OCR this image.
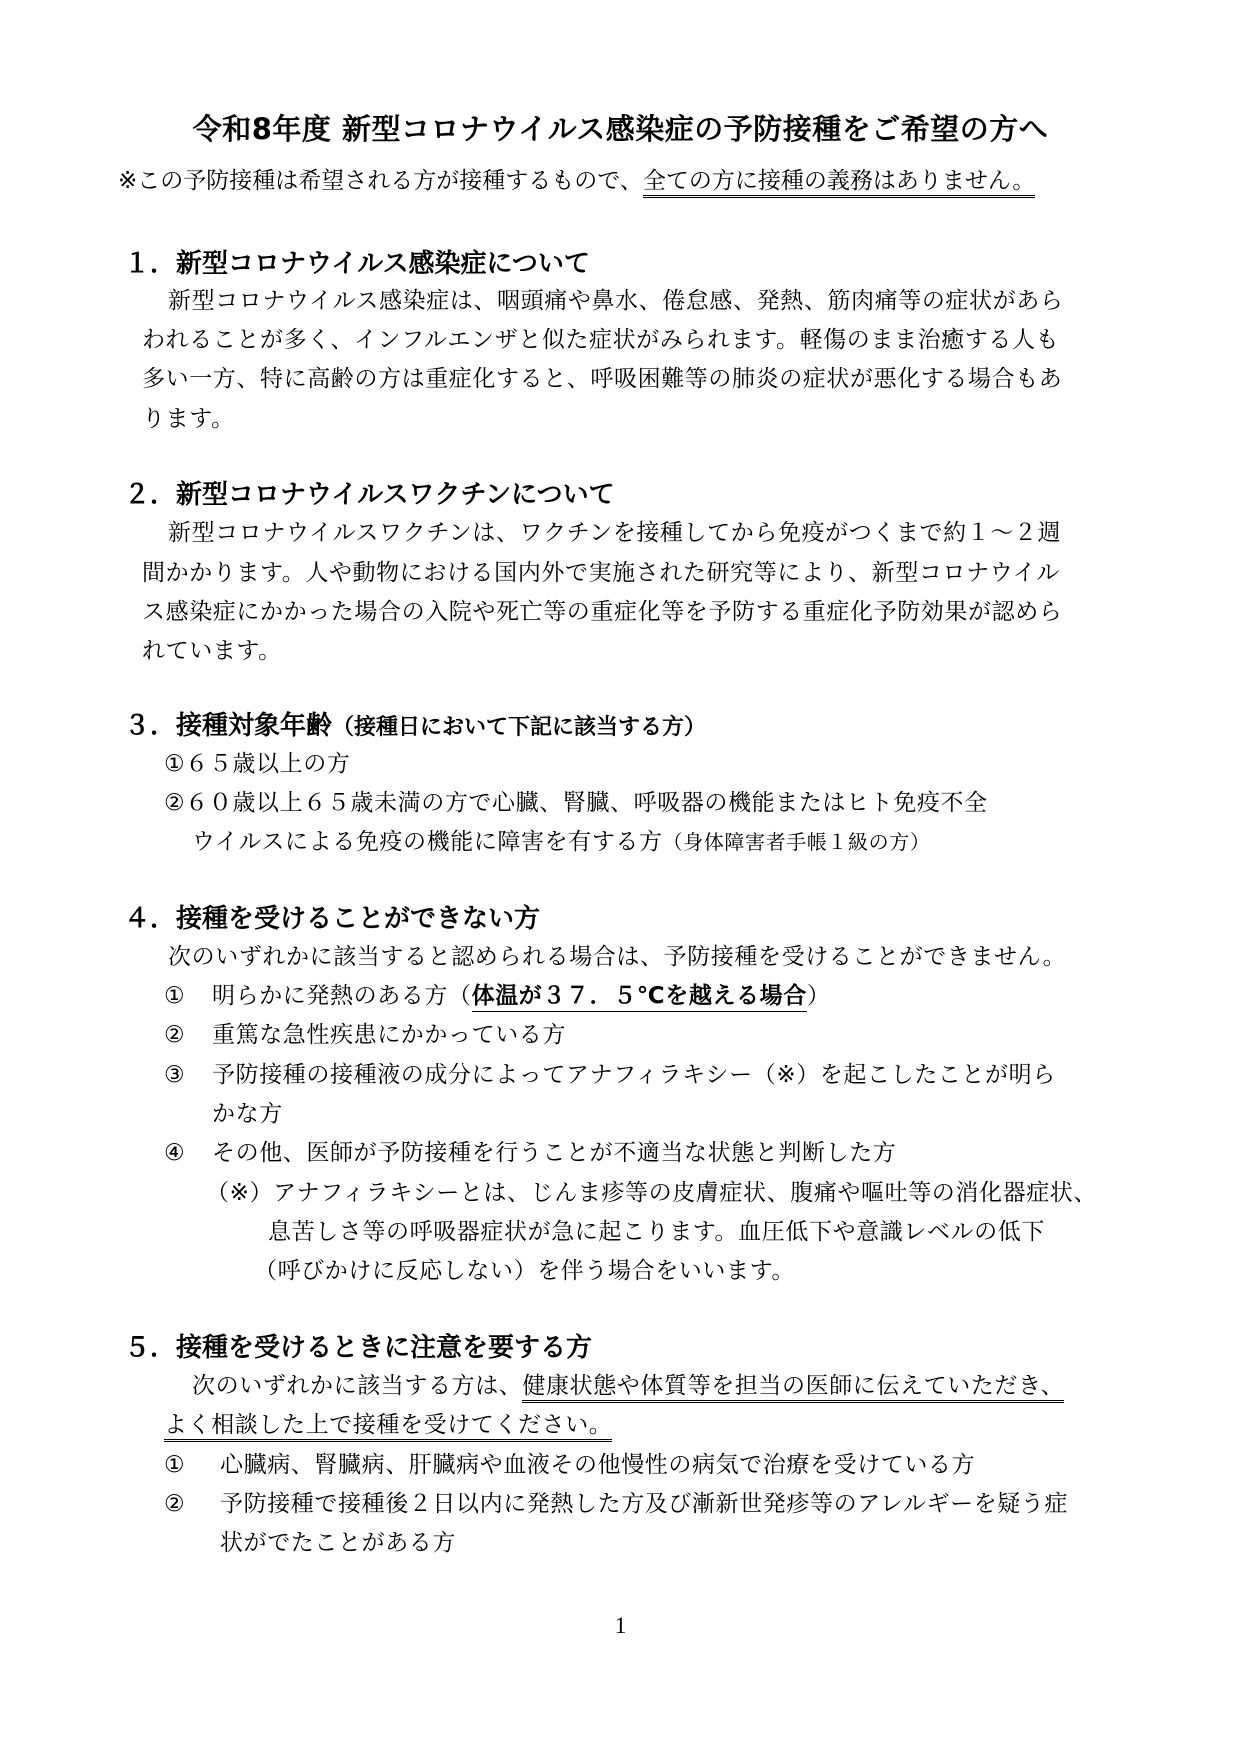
令和8年度 新型コロナウイルス感染症の予防接種をご希望の方へ
※この予防接種は希望される方が接種するもので、全ての方に接種の義務はありません。
１．新型コロナウイルス感染症について
新型コロナウイルス感染症は、咽頭痛や鼻水、倦怠感、発熱、筋肉痛等の症状があら
われることが多く、インフルエンザと似た症状がみられます。軽傷のまま治癒する人も
多い一方、特に高齢の方は重症化すると、呼吸困難等の肺炎の症状が悪化する場合もあ
ります。
２．新型コロナウイルスワクチンについて
新型コロナウイルスワクチンは、ワクチンを接種してから免疫がつくまで約１～２週
間かかります。人や動物における国内外で実施された研究等により、新型コロナウイル
ス感染症にかかった場合の入院や死亡等の重症化等を予防する重症化予防効果が認めら
れています。
３．接種対象年齢（接種日において下記に該当する方）
①６５歳以上の方
②６０歳以上６５歳未満の方で心臓、腎臓、呼吸器の機能またはヒト免疫不全
ウイルスによる免疫の機能に障害を有する方（身体障害者手帳１級の方）
４．接種を受けることができない方
次のいずれかに該当すると認められる場合は、予防接種を受けることができません。
① 明らかに発熱のある方（体温が３７．５℃を越える場合）
② 重篤な急性疾患にかかっている方
③ 予防接種の接種液の成分によってアナフィラキシー（※）を起こしたことが明ら
かな方
④ その他、医師が予防接種を行うことが不適当な状態と判断した方
（※）アナフィラキシーとは、じんま疹等の皮膚症状、腹痛や嘔吐等の消化器症状、
息苦しさ等の呼吸器症状が急に起こります。血圧低下や意識レベルの低下
（呼びかけに反応しない）を伴う場合をいいます。
５．接種を受けるときに注意を要する方
次のいずれかに該当する方は、健康状態や体質等を担当の医師に伝えていただき、
よく相談した上で接種を受けてください。
① 心臓病、腎臓病、肝臓病や血液その他慢性の病気で治療を受けている方
② 予防接種で接種後２日以内に発熱した方及び漸新世発疹等のアレルギーを疑う症
状がでたことがある方
1
